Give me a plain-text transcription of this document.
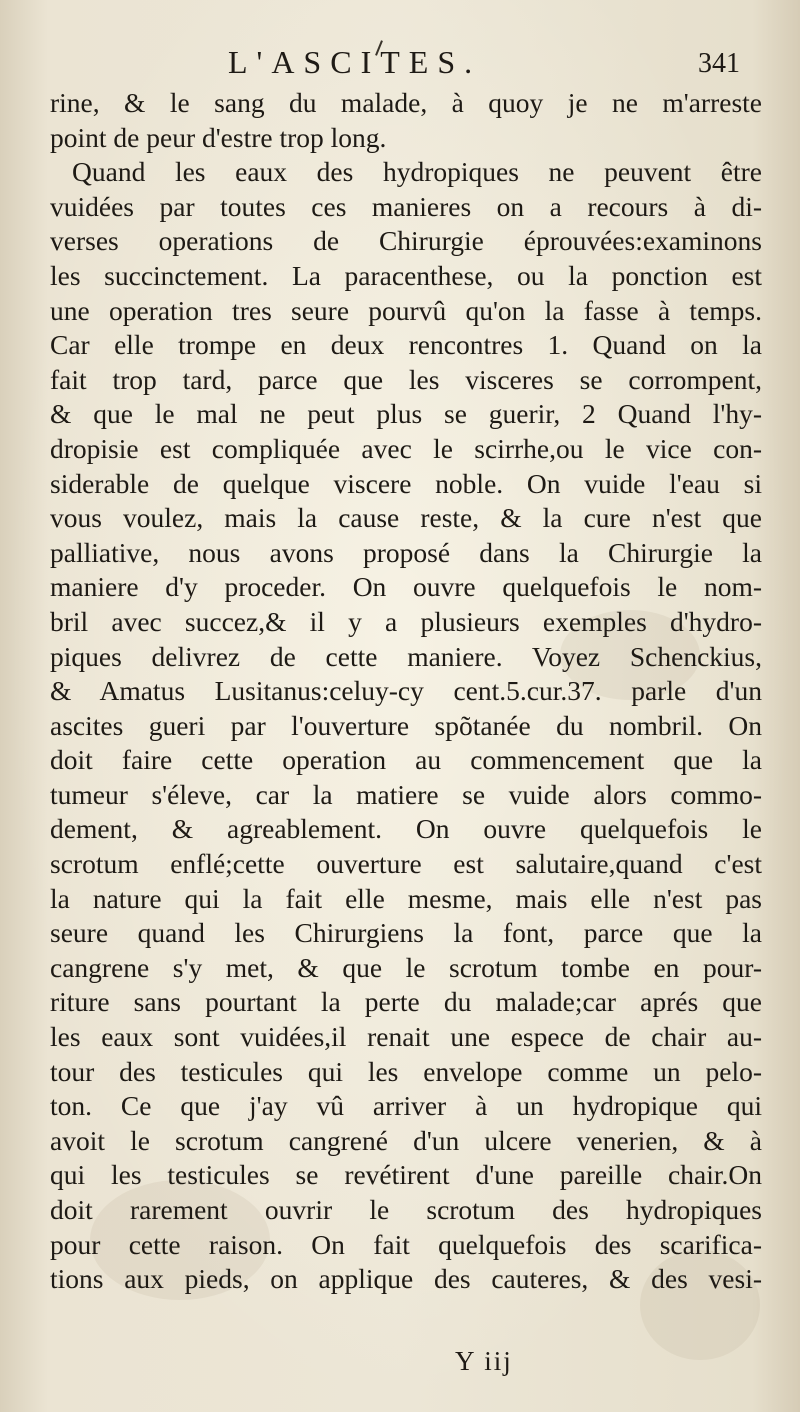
L'ASCITES.	341
rine, & le sang du malade, à quoy je ne m'arreste
point de peur d'estre trop long.
Quand les eaux des hydropiques ne peuvent être
vuidées par toutes ces manieres on a recours à di-
verses operations de Chirurgie éprouvées:examinons
les succinctement. La paracenthese, ou la ponction est
une operation tres seure pourvû qu'on la fasse à temps.
Car elle trompe en deux rencontres 1. Quand on la
fait trop tard, parce que les visceres se corrompent,
& que le mal ne peut plus se guerir, 2 Quand l'hy-
dropisie est compliquée avec le scirrhe,ou le vice con-
siderable de quelque viscere noble. On vuide l'eau si
vous voulez, mais la cause reste, & la cure n'est que
palliative, nous avons proposé dans la Chirurgie la
maniere d'y proceder. On ouvre quelquefois le nom-
bril avec succez,& il y a plusieurs exemples d'hydro-
piques delivrez de cette maniere. Voyez Schenckius,
& Amatus Lusitanus:celuy-cy cent.5.cur.37. parle d'un
ascites gueri par l'ouverture spõtanée du nombril. On
doit faire cette operation au commencement que la
tumeur s'éleve, car la matiere se vuide alors commo-
dement, & agreablement. On ouvre quelquefois le
scrotum enflé;cette ouverture est salutaire,quand c'est
la nature qui la fait elle mesme, mais elle n'est pas
seure quand les Chirurgiens la font, parce que la
cangrene s'y met, & que le scrotum tombe en pour-
riture sans pourtant la perte du malade;car aprés que
les eaux sont vuidées,il renait une espece de chair au-
tour des testicules qui les envelope comme un pelo-
ton. Ce que j'ay vû arriver à un hydropique qui
avoit le scrotum cangrené d'un ulcere venerien, & à
qui les testicules se revétirent d'une pareille chair.On
doit rarement ouvrir le scrotum des hydropiques
pour cette raison. On fait quelquefois des scarifica-
tions aux pieds, on applique des cauteres, & des vesi-
Y iij
